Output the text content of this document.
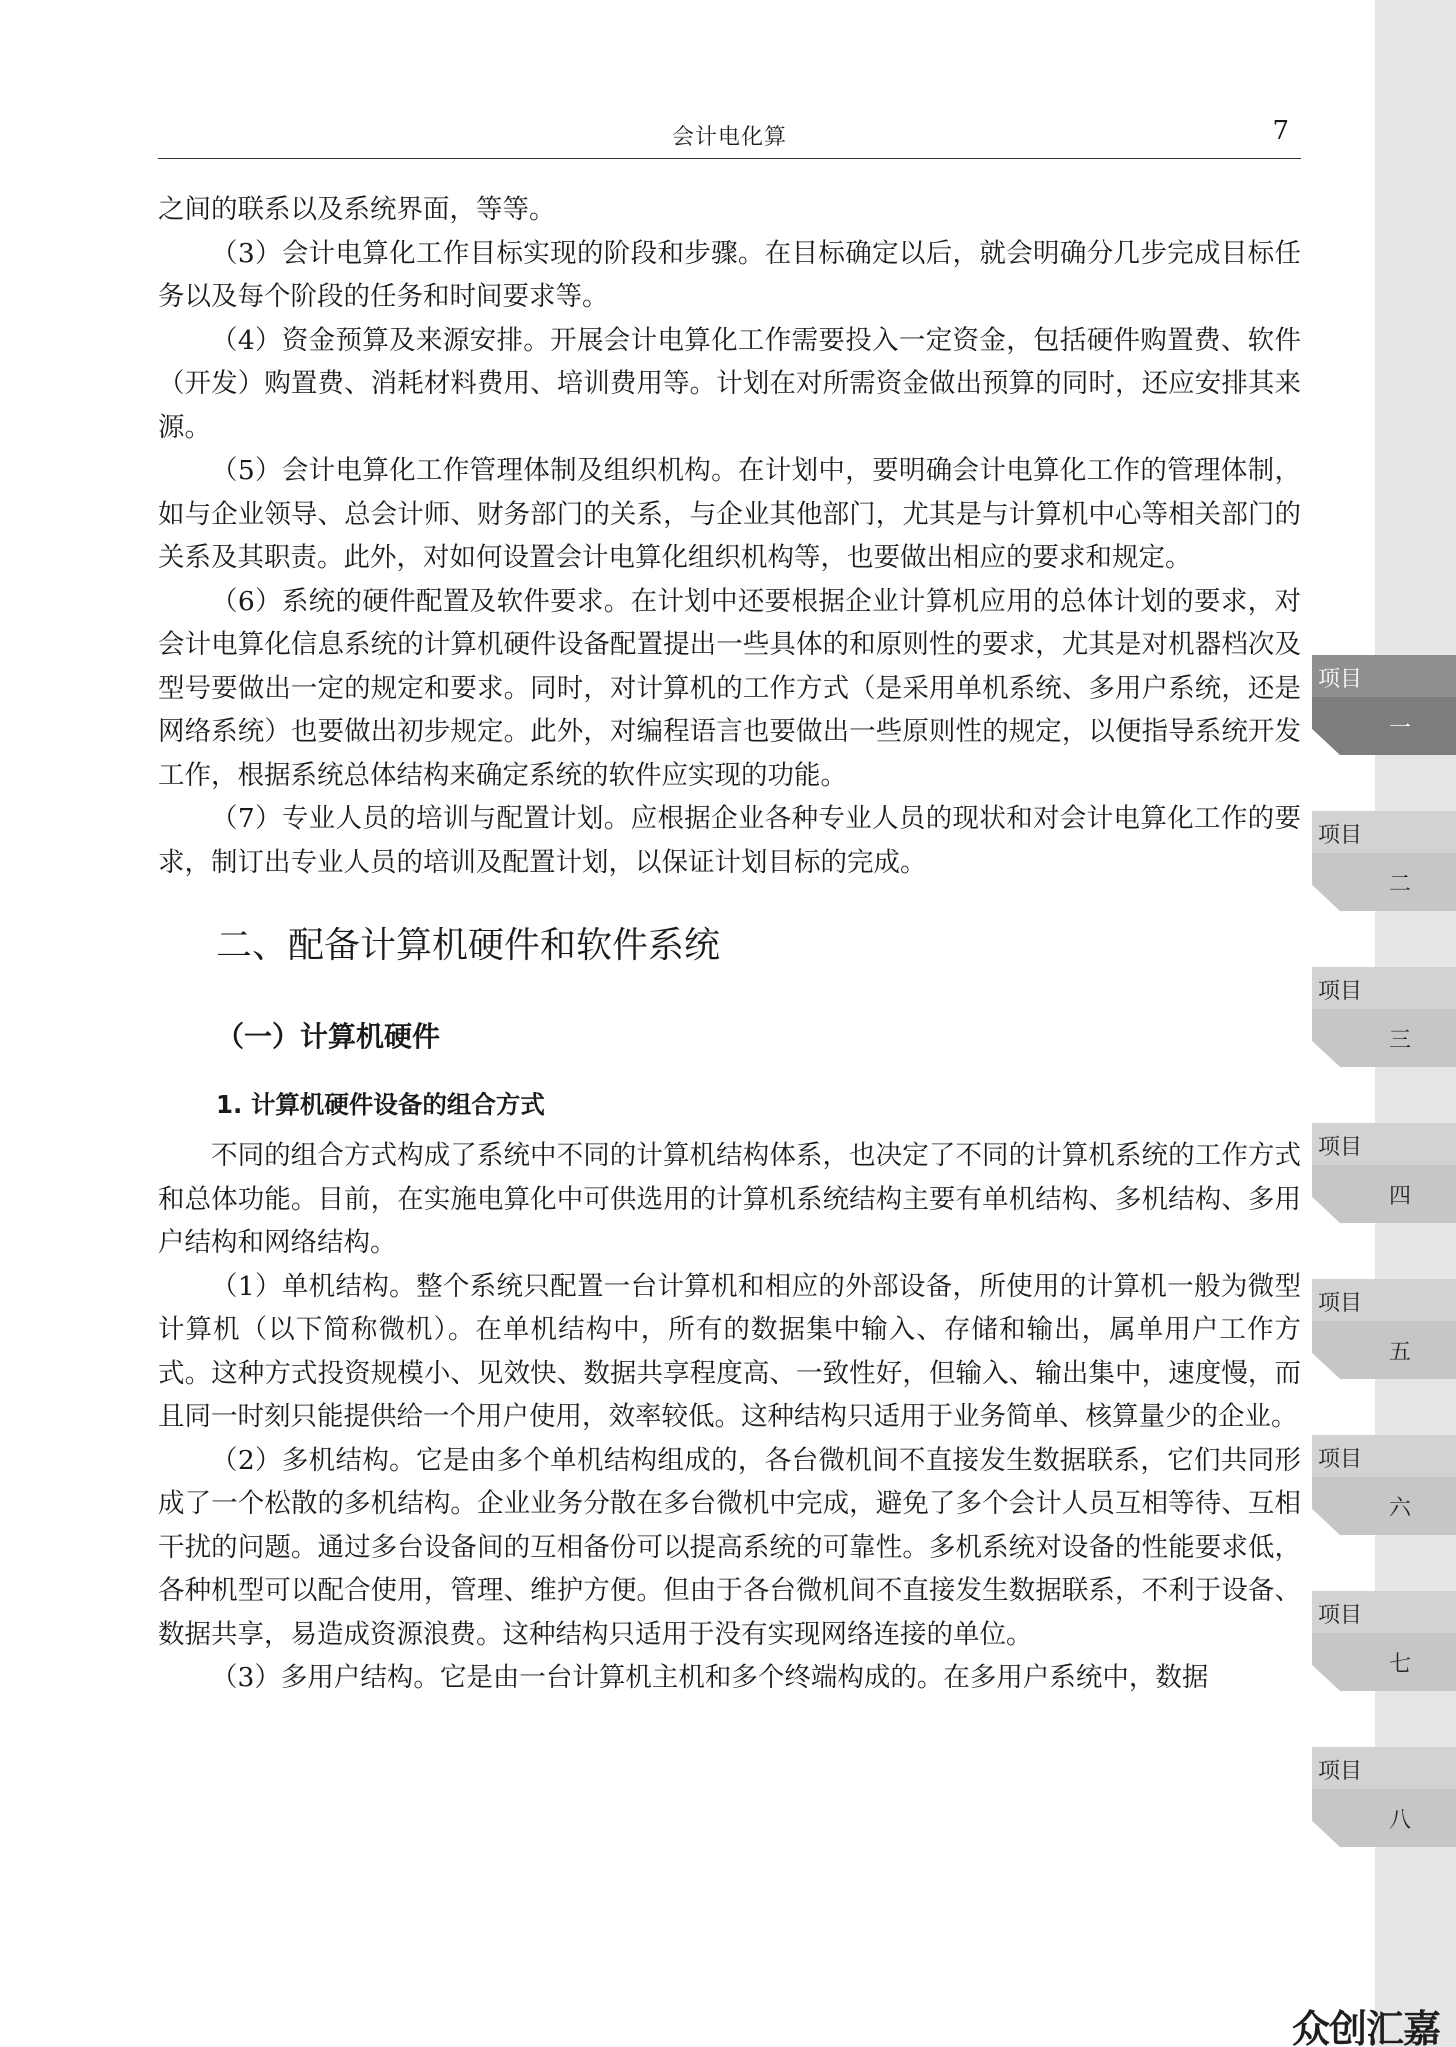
会计电化算	7

之间的联系以及系统界面，等等。

（3）会计电算化工作目标实现的阶段和步骤。在目标确定以后，就会明确分几步完成目标任务以及每个阶段的任务和时间要求等。

（4）资金预算及来源安排。开展会计电算化工作需要投入一定资金，包括硬件购置费、软件（开发）购置费、消耗材料费用、培训费用等。计划在对所需资金做出预算的同时，还应安排其来源。

（5）会计电算化工作管理体制及组织机构。在计划中，要明确会计电算化工作的管理体制，如与企业领导、总会计师、财务部门的关系，与企业其他部门，尤其是与计算机中心等相关部门的关系及其职责。此外，对如何设置会计电算化组织机构等，也要做出相应的要求和规定。

（6）系统的硬件配置及软件要求。在计划中还要根据企业计算机应用的总体计划的要求，对会计电算化信息系统的计算机硬件设备配置提出一些具体的和原则性的要求，尤其是对机器档次及型号要做出一定的规定和要求。同时，对计算机的工作方式（是采用单机系统、多用户系统，还是网络系统）也要做出初步规定。此外，对编程语言也要做出一些原则性的规定，以便指导系统开发工作，根据系统总体结构来确定系统的软件应实现的功能。

（7）专业人员的培训与配置计划。应根据企业各种专业人员的现状和对会计电算化工作的要求，制订出专业人员的培训及配置计划，以保证计划目标的完成。

二、配备计算机硬件和软件系统
（一）计算机硬件
1. 计算机硬件设备的组合方式

不同的组合方式构成了系统中不同的计算机结构体系，也决定了不同的计算机系统的工作方式和总体功能。目前，在实施电算化中可供选用的计算机系统结构主要有单机结构、多机结构、多用户结构和网络结构。

（1）单机结构。整个系统只配置一台计算机和相应的外部设备，所使用的计算机一般为微型计算机（以下简称微机）。在单机结构中，所有的数据集中输入、存储和输出，属单用户工作方式。这种方式投资规模小、见效快、数据共享程度高、一致性好，但输入、输出集中，速度慢，而且同一时刻只能提供给一个用户使用，效率较低。这种结构只适用于业务简单、核算量少的企业。

（2）多机结构。它是由多个单机结构组成的，各台微机间不直接发生数据联系，它们共同形成了一个松散的多机结构。企业业务分散在多台微机中完成，避免了多个会计人员互相等待、互相干扰的问题。通过多台设备间的互相备份可以提高系统的可靠性。多机系统对设备的性能要求低，各种机型可以配合使用，管理、维护方便。但由于各台微机间不直接发生数据联系，不利于设备、数据共享，易造成资源浪费。这种结构只适用于没有实现网络连接的单位。

（3）多用户结构。它是由一台计算机主机和多个终端构成的。在多用户系统中，数据

项目
一
项目
二
项目
三
项目
四
项目
五
项目
六
项目
七
项目
八
众创汇嘉
